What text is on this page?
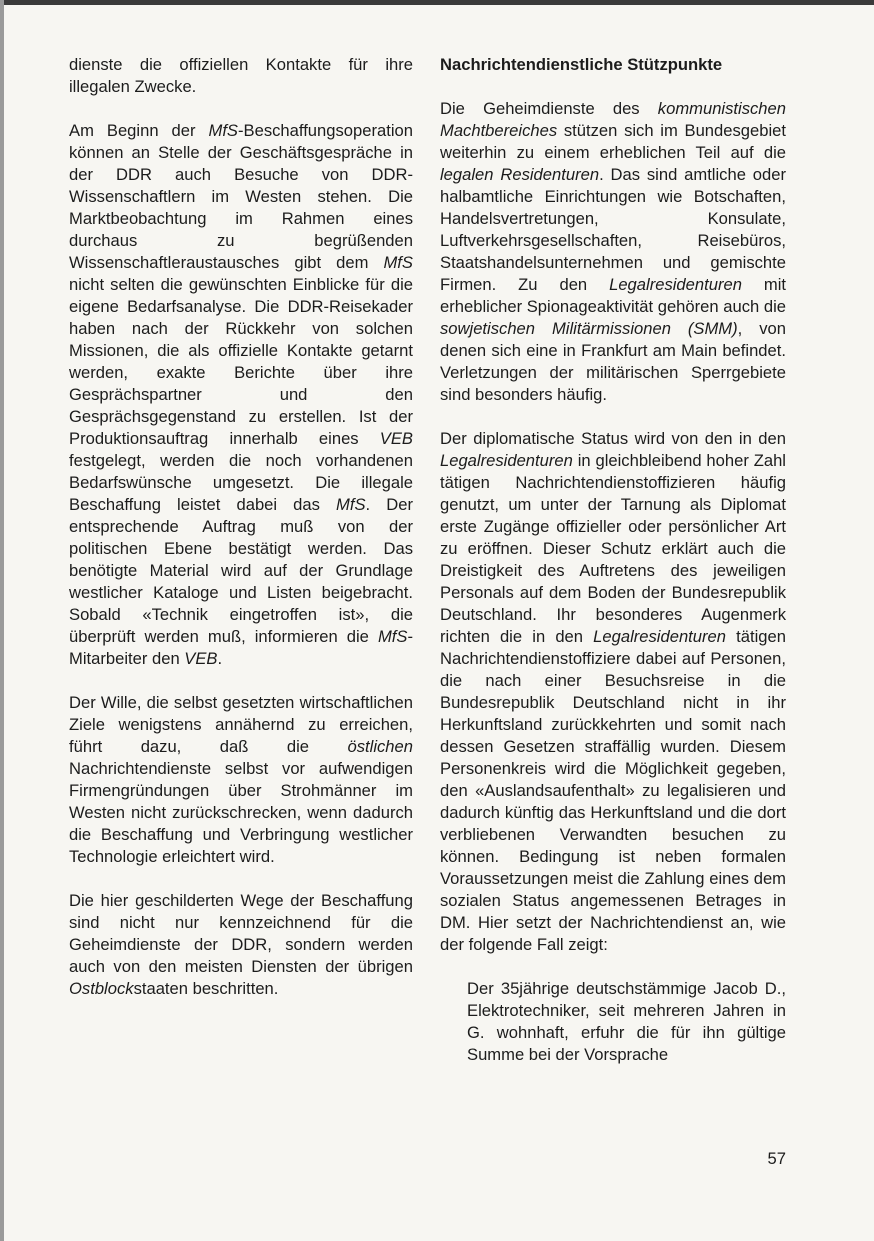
dienste die offiziellen Kontakte für ihre illegalen Zwecke.

Am Beginn der MfS-Beschaffungsoperation können an Stelle der Geschäftsgespräche in der DDR auch Besuche von DDR-Wissenschaftlern im Westen stehen. Die Marktbeobachtung im Rahmen eines durchaus zu begrüßenden Wissenschaftleraustausches gibt dem MfS nicht selten die gewünschten Einblicke für die eigene Bedarfsanalyse. Die DDR-Reisekader haben nach der Rückkehr von solchen Missionen, die als offizielle Kontakte getarnt werden, exakte Berichte über ihre Gesprächspartner und den Gesprächsgegenstand zu erstellen. Ist der Produktionsauftrag innerhalb eines VEB festgelegt, werden die noch vorhandenen Bedarfswünsche umgesetzt. Die illegale Beschaffung leistet dabei das MfS. Der entsprechende Auftrag muß von der politischen Ebene bestätigt werden. Das benötigte Material wird auf der Grundlage westlicher Kataloge und Listen beigebracht. Sobald «Technik eingetroffen ist», die überprüft werden muß, informieren die MfS-Mitarbeiter den VEB.

Der Wille, die selbst gesetzten wirtschaftlichen Ziele wenigstens annähernd zu erreichen, führt dazu, daß die östlichen Nachrichtendienste selbst vor aufwendigen Firmengründungen über Strohmänner im Westen nicht zurückschrecken, wenn dadurch die Beschaffung und Verbringung westlicher Technologie erleichtert wird.

Die hier geschilderten Wege der Beschaffung sind nicht nur kennzeichnend für die Geheimdienste der DDR, sondern werden auch von den meisten Diensten der übrigen Ostblockstaaten beschritten.

Nachrichtendienstliche Stützpunkte

Die Geheimdienste des kommunistischen Machtbereiches stützen sich im Bundesgebiet weiterhin zu einem erheblichen Teil auf die legalen Residenturen. Das sind amtliche oder halbamtliche Einrichtungen wie Botschaften, Handelsvertretungen, Konsulate, Luftverkehrsgesellschaften, Reisebüros, Staatshandelsunternehmen und gemischte Firmen. Zu den Legalresidenturen mit erheblicher Spionageaktivität gehören auch die sowjetischen Militärmissionen (SMM), von denen sich eine in Frankfurt am Main befindet. Verletzungen der militärischen Sperrgebiete sind besonders häufig.

Der diplomatische Status wird von den in den Legalresidenturen in gleichbleibend hoher Zahl tätigen Nachrichtendienstoffizieren häufig genutzt, um unter der Tarnung als Diplomat erste Zugänge offizieller oder persönlicher Art zu eröffnen. Dieser Schutz erklärt auch die Dreistigkeit des Auftretens des jeweiligen Personals auf dem Boden der Bundesrepublik Deutschland. Ihr besonderes Augenmerk richten die in den Legalresidenturen tätigen Nachrichtendienstoffiziere dabei auf Personen, die nach einer Besuchsreise in die Bundesrepublik Deutschland nicht in ihr Herkunftsland zurückkehrten und somit nach dessen Gesetzen straffällig wurden. Diesem Personenkreis wird die Möglichkeit gegeben, den «Auslandsaufenthalt» zu legalisieren und dadurch künftig das Herkunftsland und die dort verbliebenen Verwandten besuchen zu können. Bedingung ist neben formalen Voraussetzungen meist die Zahlung eines dem sozialen Status angemessenen Betrages in DM. Hier setzt der Nachrichtendienst an, wie der folgende Fall zeigt:

Der 35jährige deutschstämmige Jacob D., Elektrotechniker, seit mehreren Jahren in G. wohnhaft, erfuhr die für ihn gültige Summe bei der Vorsprache

57
